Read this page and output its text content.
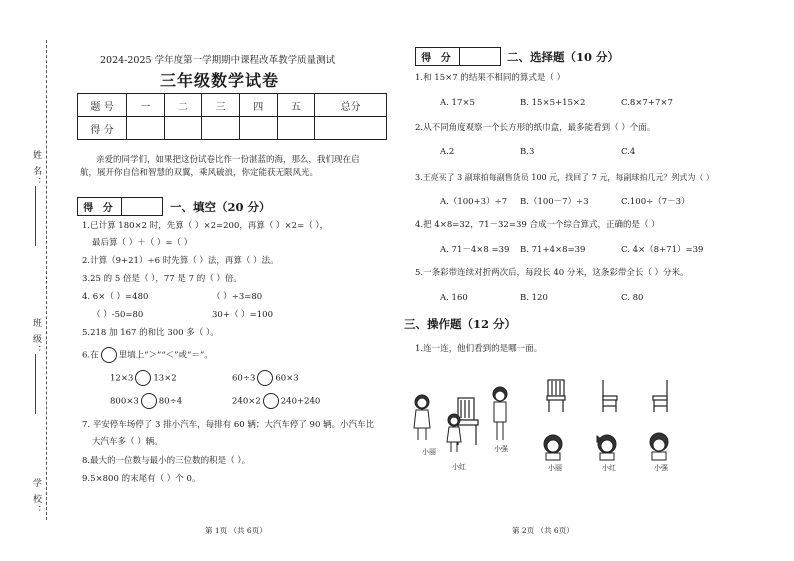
姓 名：
班 级：
学 校：
2024-2025 学年度第一学期期中课程改革教学质量测试
三年级数学试卷
题 号	一	二	三	四	五	总分
得 分						
亲爱的同学们，如果把这份试卷比作一份湛蓝的海，那么，我们现在启
航，展开你自信和智慧的双翼，乘风破浪，你定能获无限风光。
得 分	一、填空（20 分）
1.已计算 180×2 时，先算（ ）×2=200，再算（ ）×2=（ ），
最后算（ ）＋（ ）=（ ）
2.计算（9+21）÷6 时先算（ ）法，再算（ ）法。
3.25 的 5 倍是（ ），77 是 7 的（ ）倍。
4. 6×（ ）=480	（ ）÷3=80
（ ）-50=80	30+（ ）=100
5.218 加 167 的和比 300 多（ ）。
6.在 里填上“＞”“＜”或“＝”。
12×3 13×2	60÷3 60×3
800×3 80÷4	240×2 240+240
7. 平安停车场停了 3 排小汽车，每排有 60 辆；大汽车停了 90 辆。小汽车比
大汽车多（ ）辆。
8.最大的一位数与最小的三位数的积是（ ）。
9.5×800 的末尾有（ ）个 0。
第 1页 （共 6页）
得 分	二、选择题（10 分）
1.和 15×7 的结果不相同的算式是（ ）
A. 17×5	B. 15×5+15×2	C.8×7+7×7
2.从不同角度观察一个长方形的纸巾盒，最多能看到（ ）个面。
A.2	B.3	C.4
3.王亮买了 3 副球拍每副售货员 100 元，找回了 7 元，每副球拍几元？列式为（ ）
A.（100+3）÷7 B.（100－7）÷3	C.100÷（7－3）
4.把 4×8=32，71－32=39 合成一个综合算式，正确的是（ ）
A. 71－4×8 =39 B. 71+4×8=39	C. 4×（8+71）=39
5.一条彩带连续对折两次后，每段长 40 分米，这条彩带全长（ ）分米。
A. 160	B. 120	C. 80
三、操作题（12 分）
1.连一连，他们看到的是哪一面。
小丽
小红
小强
小丽	小红	小强
第 2页 （共 6页）
